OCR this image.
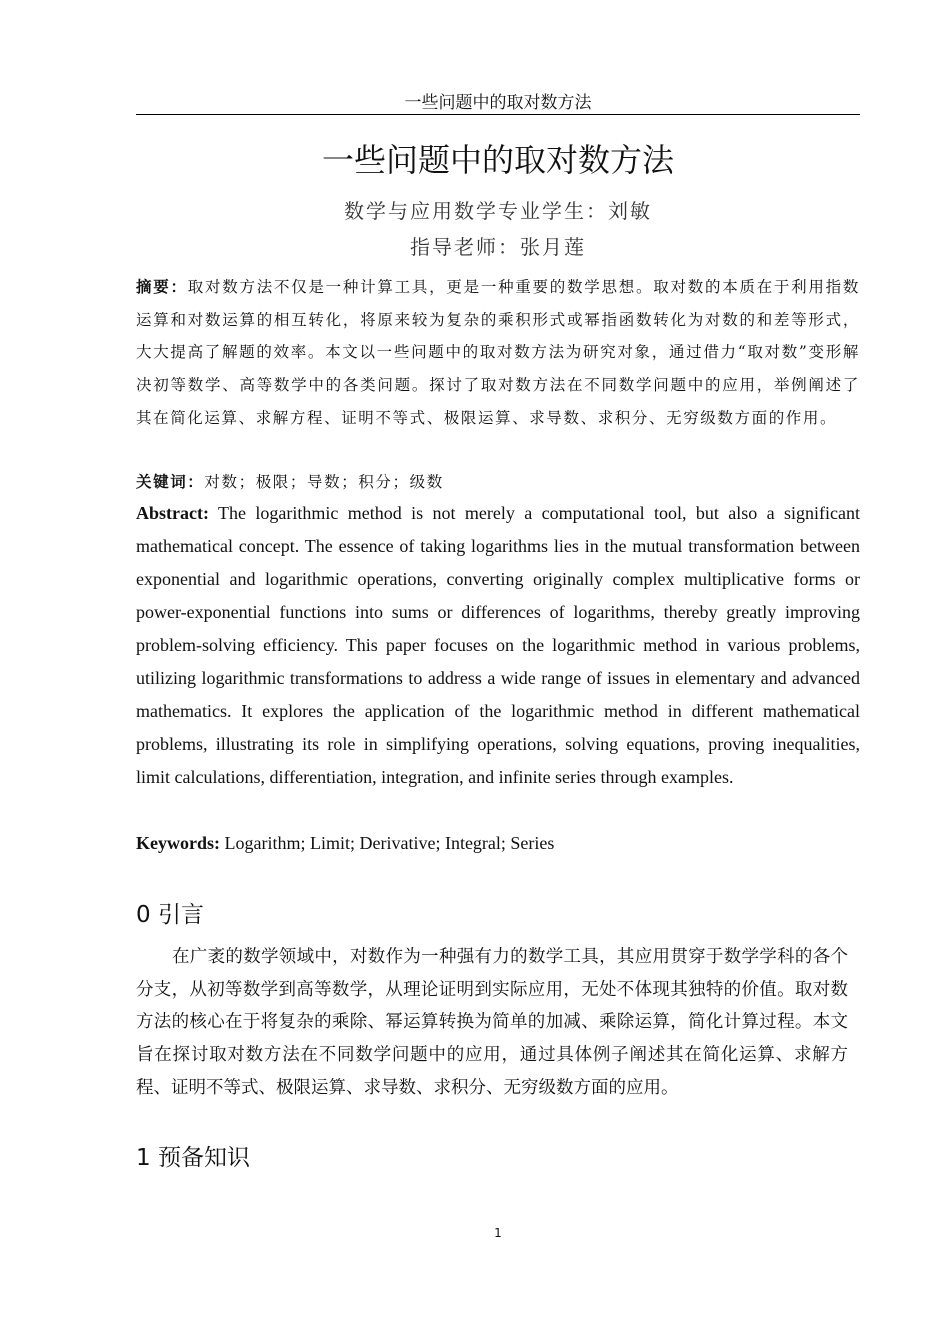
一些问题中的取对数方法
一些问题中的取对数方法
数学与应用数学专业学生：刘敏
指导老师：张月莲
摘要：取对数方法不仅是一种计算工具，更是一种重要的数学思想。取对数的本质在于利用指数运算和对数运算的相互转化，将原来较为复杂的乘积形式或幂指函数转化为对数的和差等形式，大大提高了解题的效率。本文以一些问题中的取对数方法为研究对象，通过借力“取对数”变形解决初等数学、高等数学中的各类问题。探讨了取对数方法在不同数学问题中的应用，举例阐述了其在简化运算、求解方程、证明不等式、极限运算、求导数、求积分、无穷级数方面的作用。
关键词：对数；极限；导数；积分；级数
Abstract: The logarithmic method is not merely a computational tool, but also a significant mathematical concept. The essence of taking logarithms lies in the mutual transformation between exponential and logarithmic operations, converting originally complex multiplicative forms or power-exponential functions into sums or differences of logarithms, thereby greatly improving problem-solving efficiency. This paper focuses on the logarithmic method in various problems, utilizing logarithmic transformations to address a wide range of issues in elementary and advanced mathematics. It explores the application of the logarithmic method in different mathematical problems, illustrating its role in simplifying operations, solving equations, proving inequalities, limit calculations, differentiation, integration, and infinite series through examples.
Keywords: Logarithm; Limit; Derivative; Integral; Series
0 引言
在广袤的数学领域中，对数作为一种强有力的数学工具，其应用贯穿于数学学科的各个分支，从初等数学到高等数学，从理论证明到实际应用，无处不体现其独特的价值。取对数方法的核心在于将复杂的乘除、幂运算转换为简单的加减、乘除运算，简化计算过程。本文旨在探讨取对数方法在不同数学问题中的应用，通过具体例子阐述其在简化运算、求解方程、证明不等式、极限运算、求导数、求积分、无穷级数方面的应用。
1 预备知识
1
